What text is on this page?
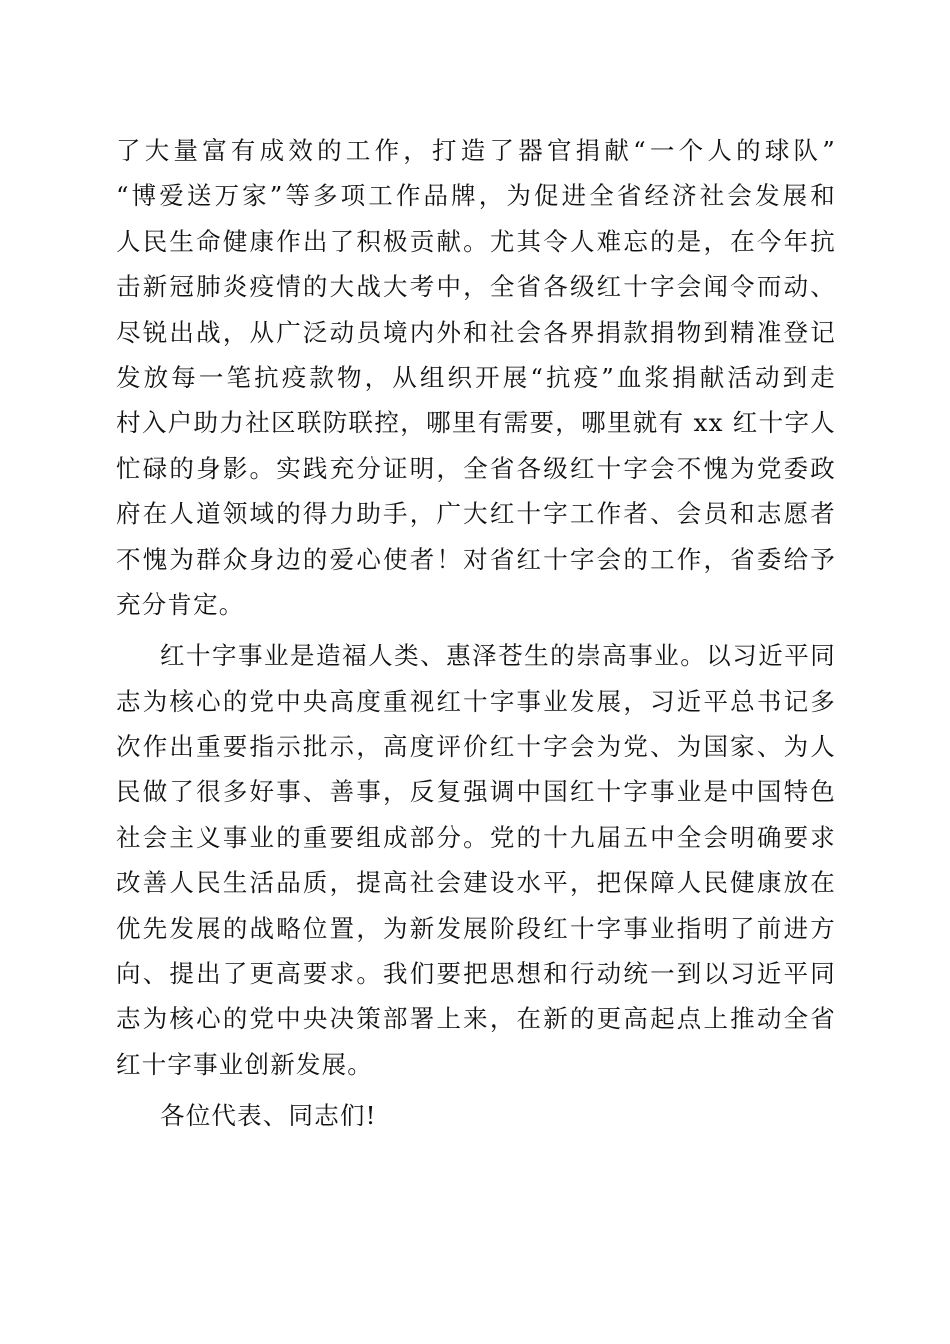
了大量富有成效的工作，打造了器官捐献“一个人的球队”
“博爱送万家”等多项工作品牌，为促进全省经济社会发展和
人民生命健康作出了积极贡献。尤其令人难忘的是，在今年抗
击新冠肺炎疫情的大战大考中，全省各级红十字会闻令而动、
尽锐出战，从广泛动员境内外和社会各界捐款捐物到精准登记
发放每一笔抗疫款物，从组织开展“抗疫”血浆捐献活动到走
村入户助力社区联防联控，哪里有需要，哪里就有 xx 红十字人
忙碌的身影。实践充分证明，全省各级红十字会不愧为党委政
府在人道领域的得力助手，广大红十字工作者、会员和志愿者
不愧为群众身边的爱心使者！对省红十字会的工作，省委给予
充分肯定。
红十字事业是造福人类、惠泽苍生的崇高事业。以习近平同
志为核心的党中央高度重视红十字事业发展，习近平总书记多
次作出重要指示批示，高度评价红十字会为党、为国家、为人
民做了很多好事、善事，反复强调中国红十字事业是中国特色
社会主义事业的重要组成部分。党的十九届五中全会明确要求
改善人民生活品质，提高社会建设水平，把保障人民健康放在
优先发展的战略位置，为新发展阶段红十字事业指明了前进方
向、提出了更高要求。我们要把思想和行动统一到以习近平同
志为核心的党中央决策部署上来，在新的更高起点上推动全省
红十字事业创新发展。
各位代表、同志们!
